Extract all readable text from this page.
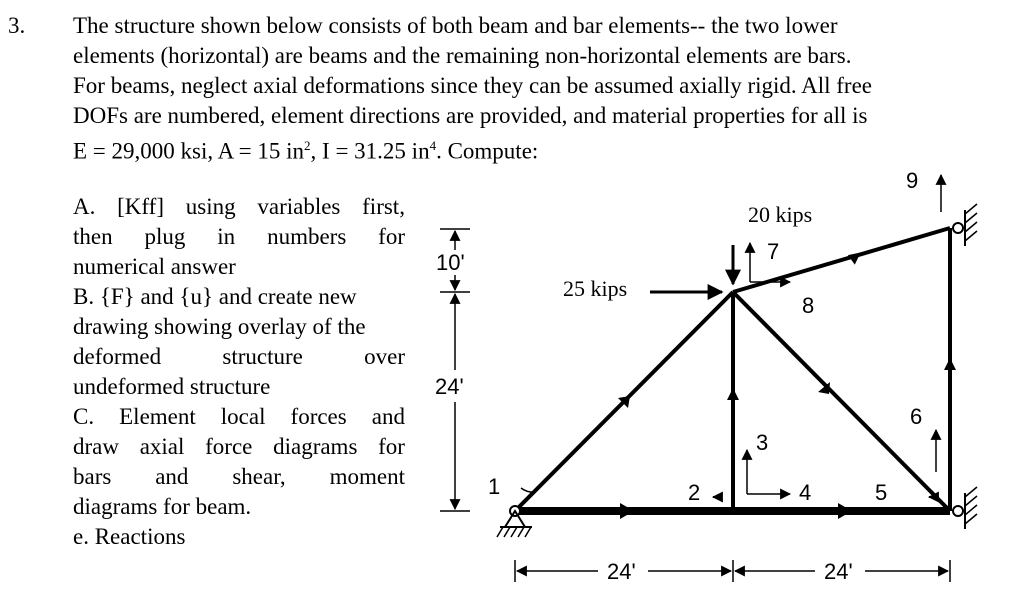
3. The structure shown below consists of both beam and bar elements-- the two lower
elements (horizontal) are beams and the remaining non-horizontal elements are bars.
For beams, neglect axial deformations since they can be assumed axially rigid. All free
DOFs are numbered, element directions are provided, and material properties for all is
E = 29,000 ksi, A = 15 $in^2$, I = 31.25 $in^4$. Compute:
A. [Kff] using variables first,
then plug in numbers for
numerical answer
B. {F} and {u} and create new
drawing showing overlay of the
deformed	structure	over
undeformed structure
C. Element local forces and
draw axial force diagrams for
bars and shear, moment
diagrams for beam.
e. Reactions
20 kips
25 kips
1	2
3
4	5
6
7
8
9
10'
24'
24'	24'
